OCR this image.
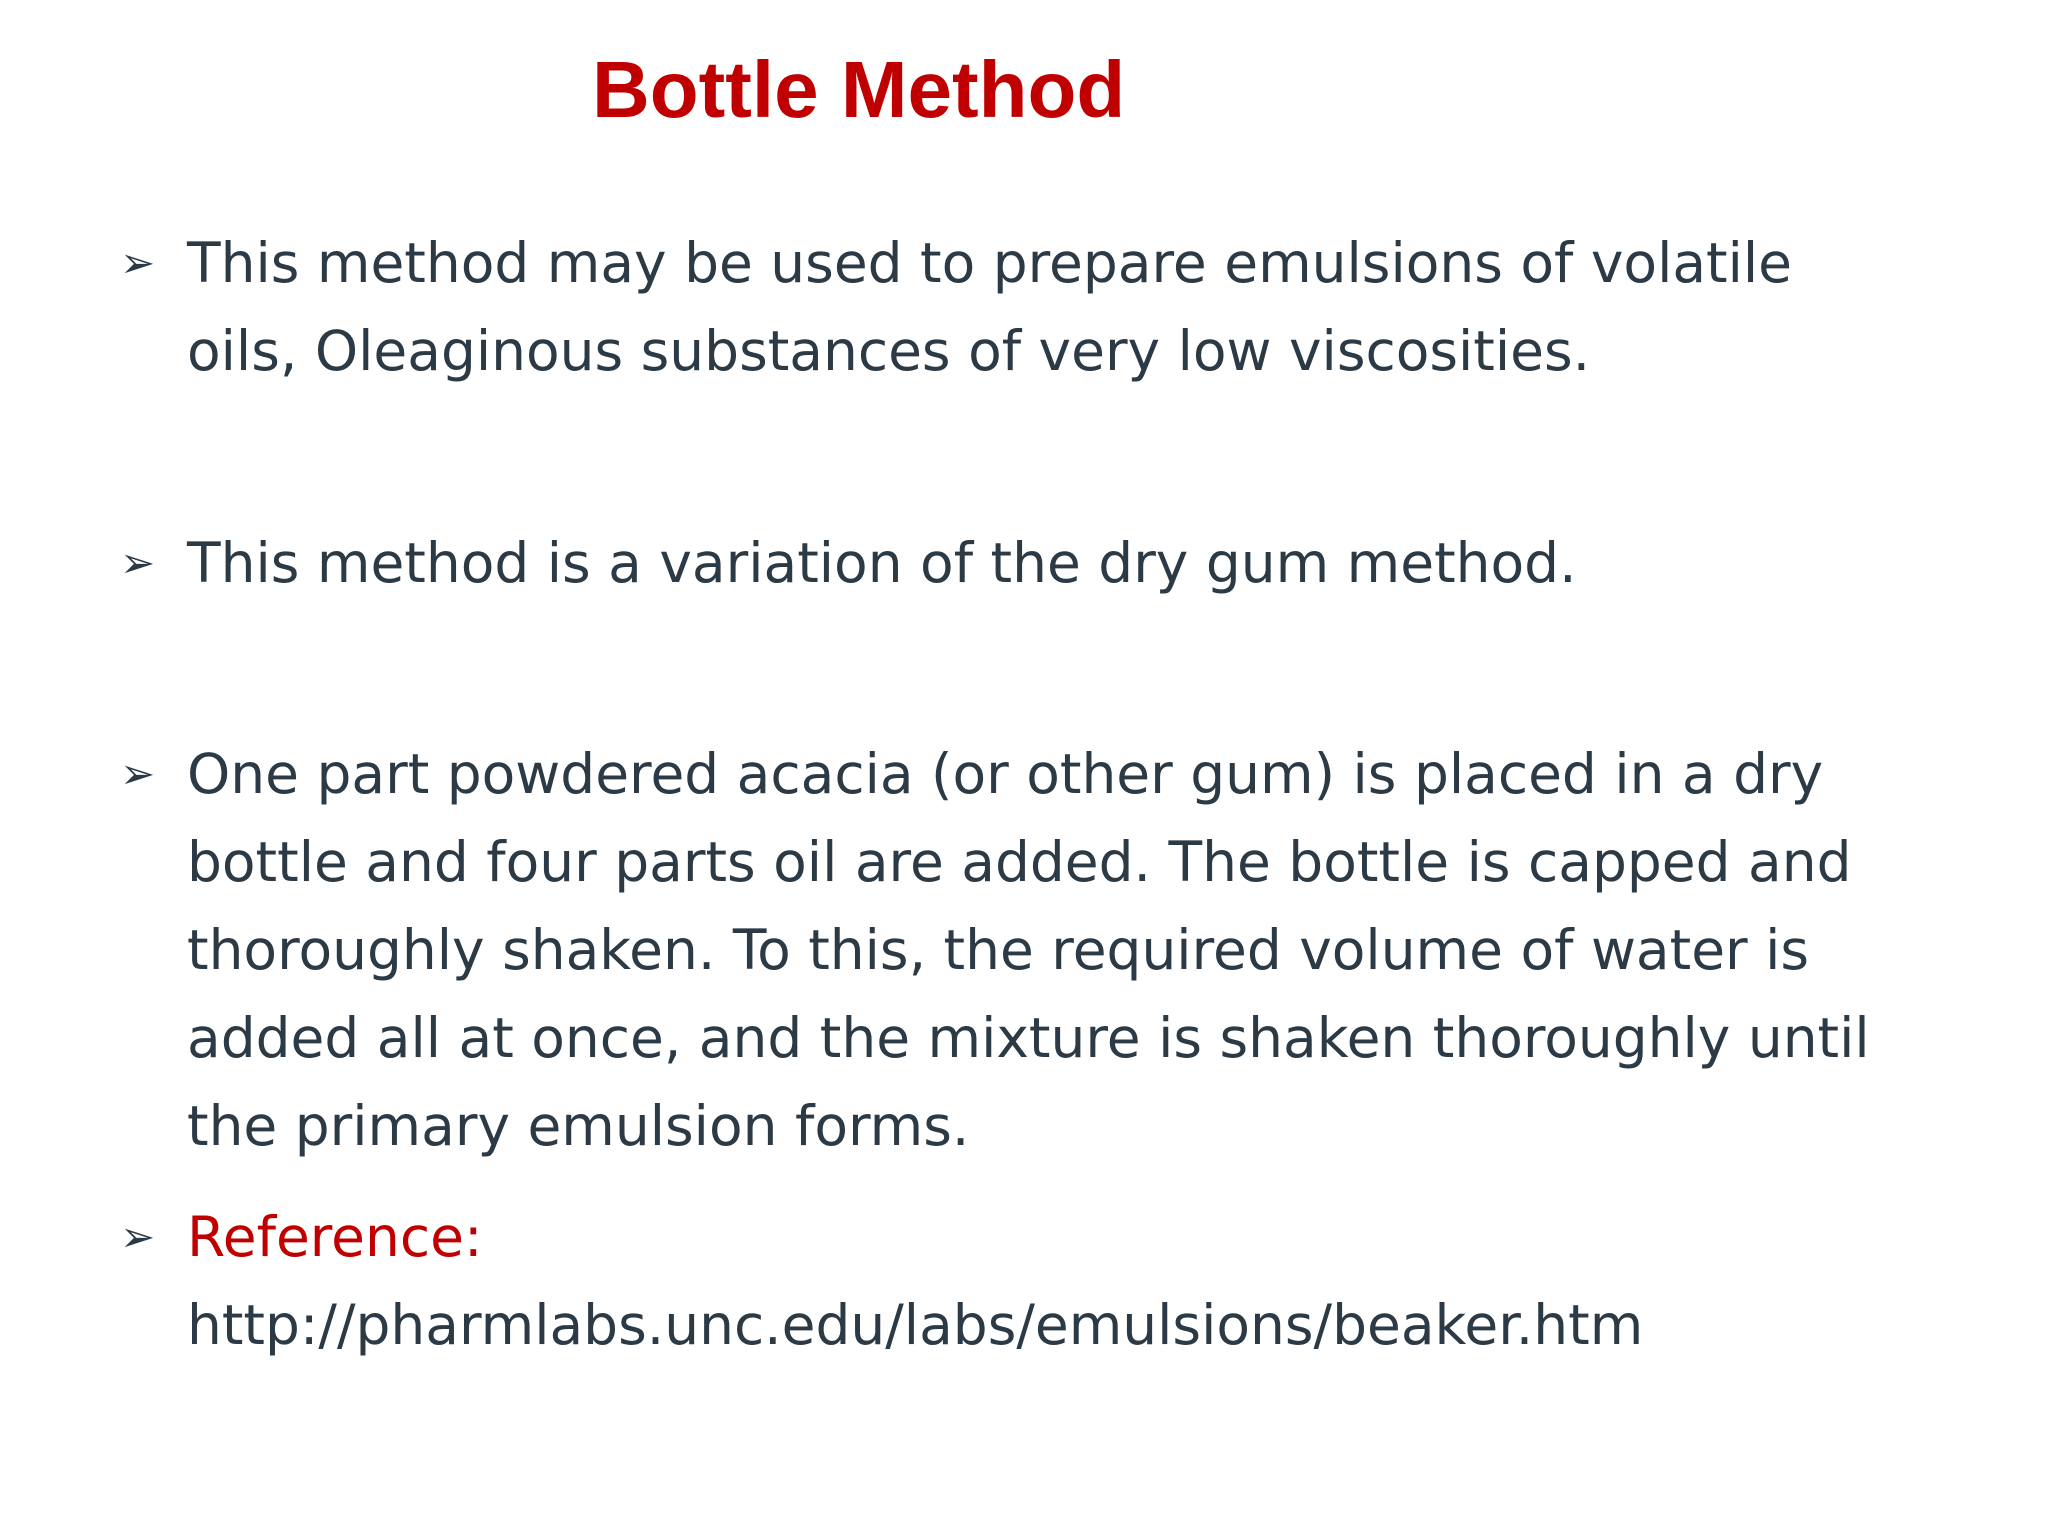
Bottle Method
➢ This method may be used to prepare emulsions of volatile
oils, Oleaginous substances of very low viscosities.

➢ This method is a variation of the dry gum method.

➢ One part powdered acacia (or other gum) is placed in a dry
bottle and four parts oil are added. The bottle is capped and
thoroughly shaken. To this, the required volume of water is
added all at once, and the mixture is shaken thoroughly until
the primary emulsion forms.

➢ Reference:
http://pharmlabs.unc.edu/labs/emulsions/beaker.htm
